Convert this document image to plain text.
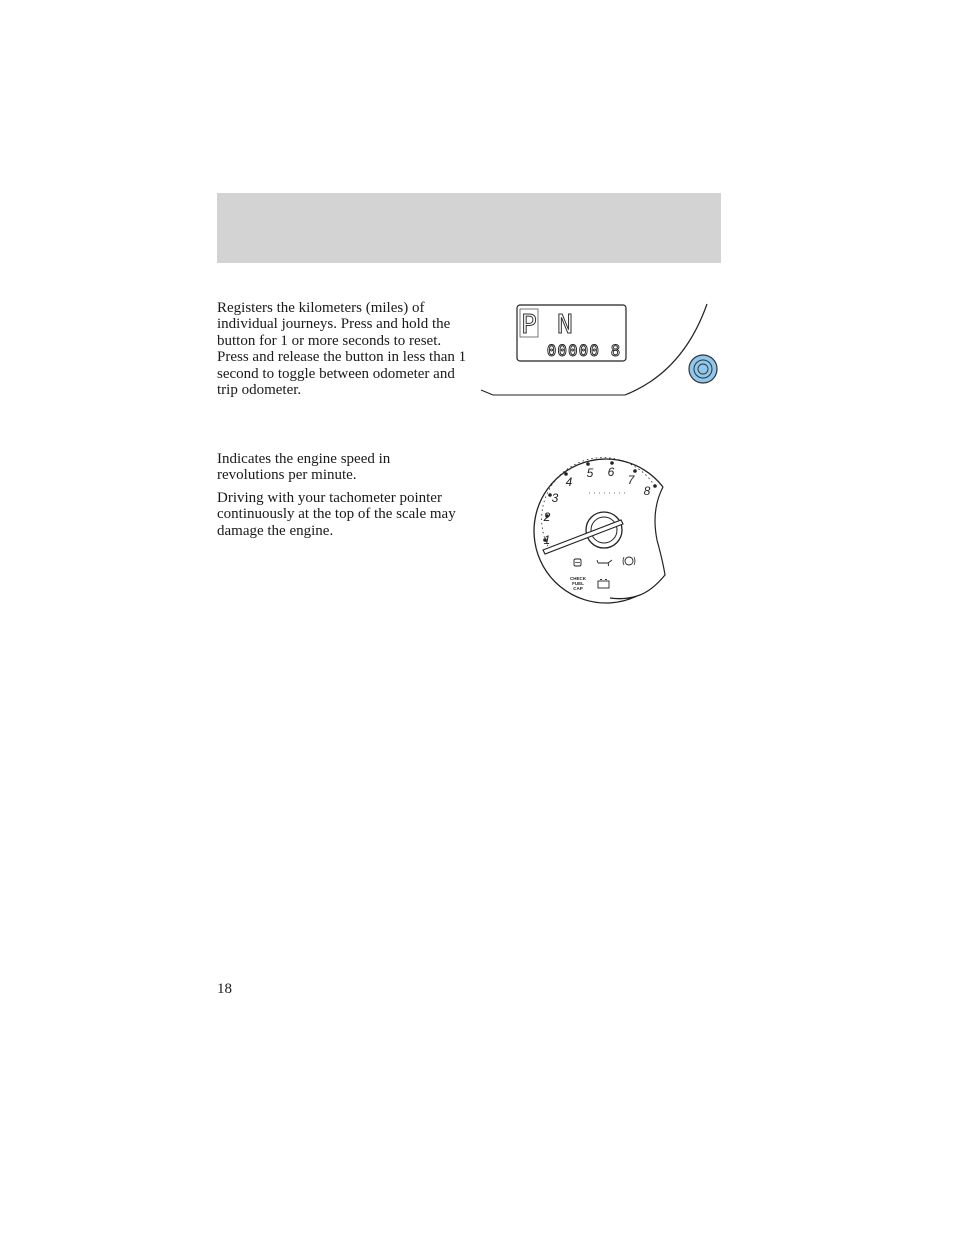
Registers the kilometers (miles) of individual journeys. Press and hold the button for 1 or more seconds to reset. Press and release the button in less than 1 second to toggle between odometer and trip odometer.

P N
00000 8

Indicates the engine speed in revolutions per minute.

Driving with your tachometer pointer continuously at the top of the scale may damage the engine.

1
2
3
4
5 6
7
8
CHECK
FUEL
CAP
18
